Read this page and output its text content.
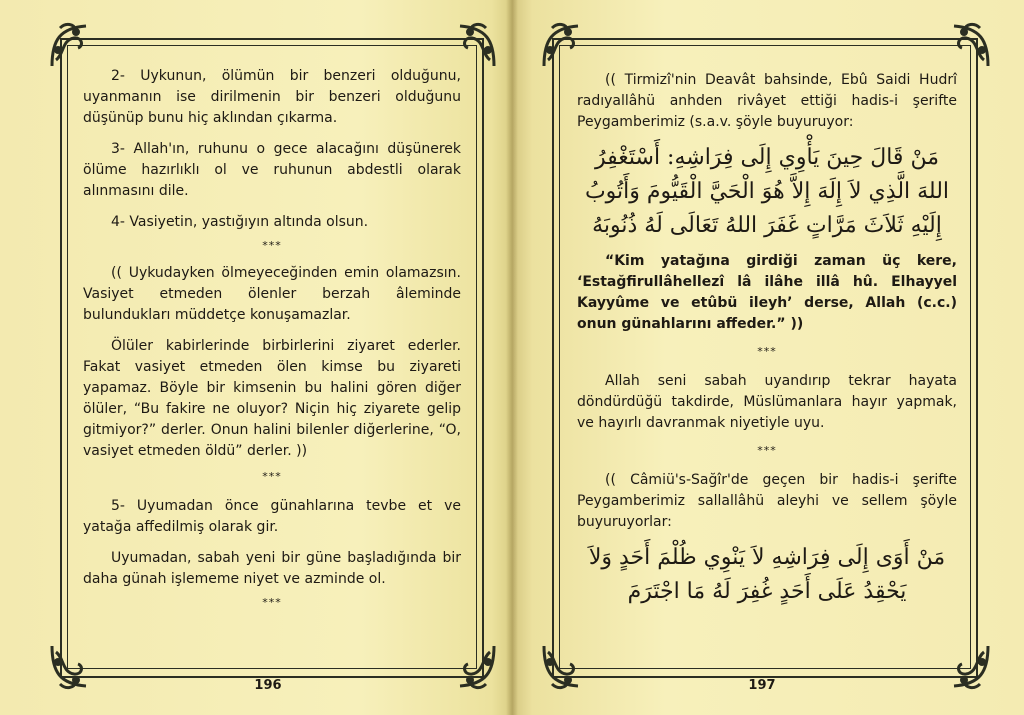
2- Uykunun, ölümün bir benzeri olduğunu, uyanmanın ise dirilmenin bir benzeri olduğunu düşünüp bunu hiç aklından çıkarma.

3- Allah'ın, ruhunu o gece alacağını düşünerek ölüme hazırlıklı ol ve ruhunun abdestli olarak alınmasını dile.

4- Vasiyetin, yastığıyın altında olsun.

***

(( Uykudayken ölmeyeceğinden emin olamazsın. Vasiyet etmeden ölenler berzah âleminde bulundukları müddetçe konuşamazlar.

Ölüler kabirlerinde birbirlerini ziyaret ederler. Fakat vasiyet etmeden ölen kimse bu ziyareti yapamaz. Böyle bir kimsenin bu halini gören diğer ölüler, “Bu fakire ne oluyor? Niçin hiç ziyarete gelip gitmiyor?” derler. Onun halini bilenler diğerlerine, “O, vasiyet etmeden öldü” derler. ))

***

5- Uyumadan önce günahlarına tevbe et ve yatağa affedilmiş olarak gir.

Uyumadan, sabah yeni bir güne başladığında bir daha günah işlememe niyet ve azminde ol.

***

196

(( Tirmizî'nin Deavât bahsinde, Ebû Saidi Hudrî radıyallâhü anhden rivâyet ettiği hadis-i şerifte Peygamberimiz (s.a.v. şöyle buyuruyor:

مَنْ قَالَ حِينَ يَأْوِي إِلَى فِرَاشِهِ: أَسْتَغْفِرُ اللهَ الَّذِي لاَ إِلَهَ إِلاَّ هُوَ الْحَيَّ الْقَيُّومَ وَأَتُوبُ إِلَيْهِ ثَلاَثَ مَرَّاتٍ غَفَرَ اللهُ تَعَالَى لَهُ ذُنُوبَهُ

“Kim yatağına girdiği zaman üç kere, ‘Estağfirullâhellezî lâ ilâhe illâ hû. Elhayyel Kayyûme ve etûbü ileyh’ derse, Allah (c.c.) onun günahlarını affeder.” ))

***

Allah seni sabah uyandırıp tekrar hayata döndürdüğü takdirde, Müslümanlara hayır yapmak, ve hayırlı davranmak niyetiyle uyu.

***

(( Câmiü's-Sağîr'de geçen bir hadis-i şerifte Peygamberimiz sallallâhü aleyhi ve sellem şöyle buyuruyorlar:

مَنْ أَوَى إِلَى فِرَاشِهِ لاَ يَنْوِي ظُلْمَ أَحَدٍ وَلاَ يَحْقِدُ عَلَى أَحَدٍ غُفِرَ لَهُ مَا اجْتَرَمَ

197
